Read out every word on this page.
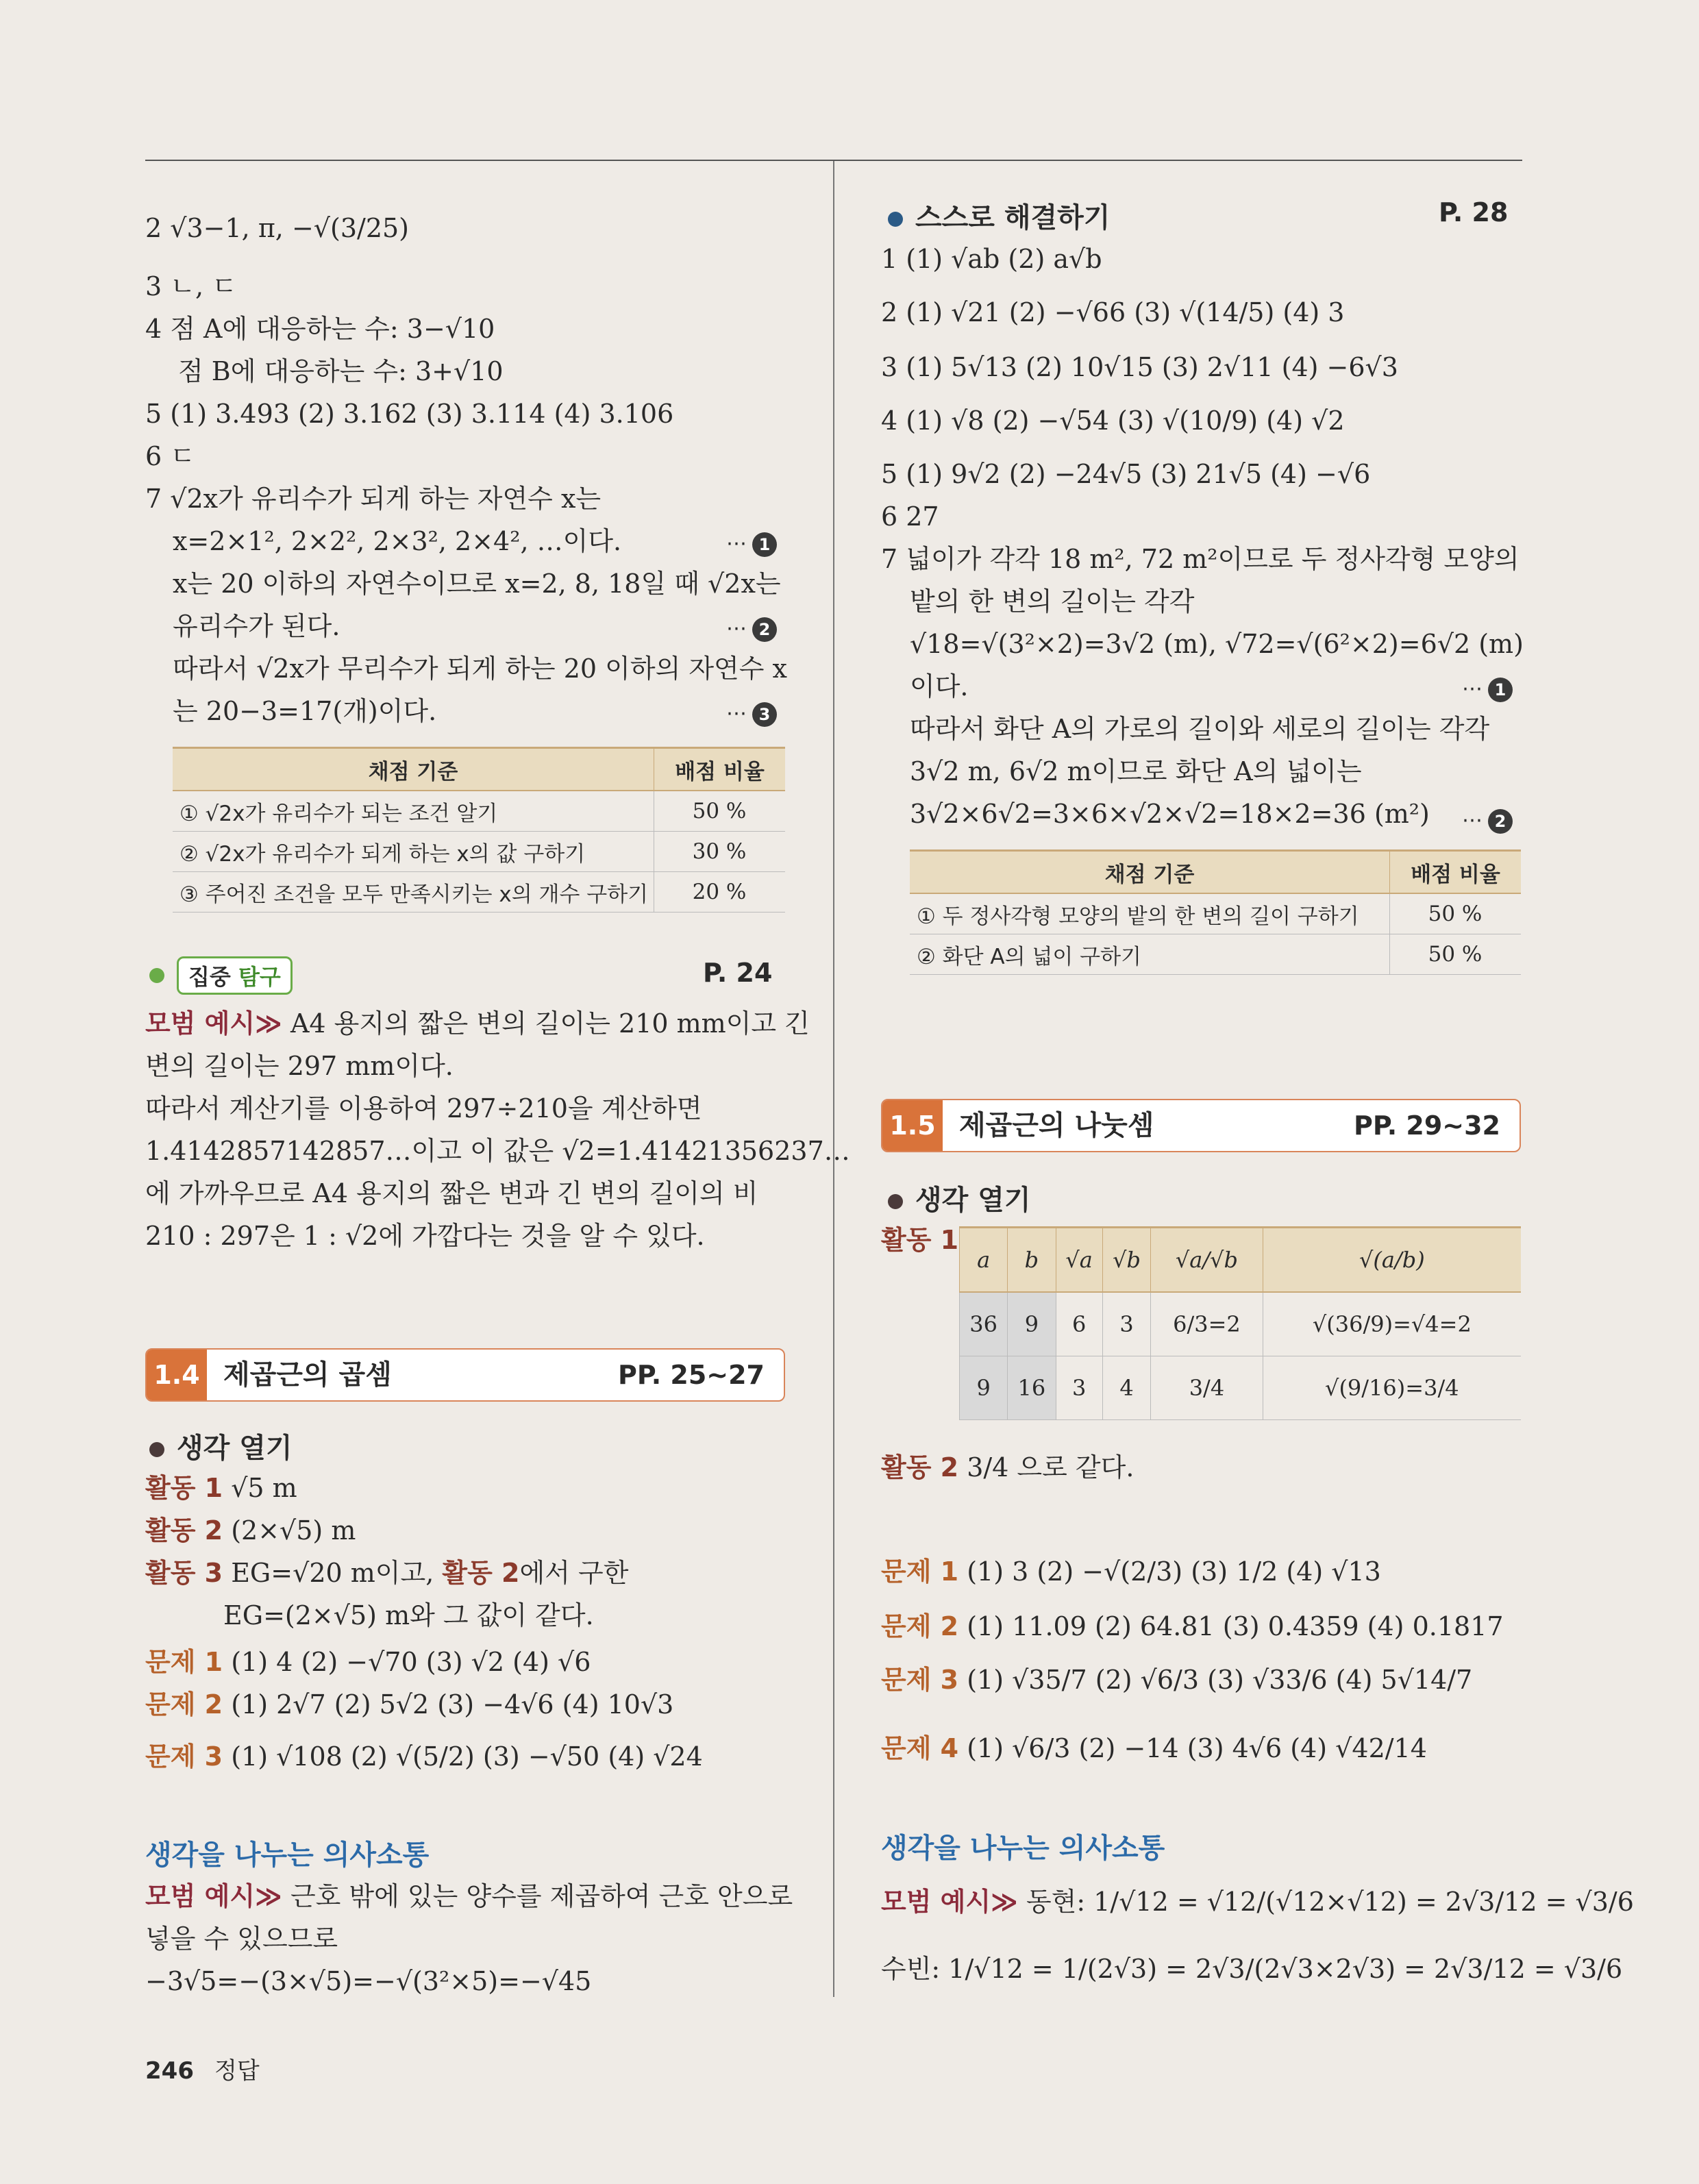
2 √3−1, π, −√(3/25)
3 ㄴ, ㄷ
4 점 A에 대응하는 수: 3−√10
점 B에 대응하는 수: 3+√10
5 (1) 3.493 (2) 3.162 (3) 3.114 (4) 3.106
6 ㄷ
7 √2x가 유리수가 되게 하는 자연수 x는
x=2×1², 2×2², 2×3², 2×4², …이다.	⋯ 1
x는 20 이하의 자연수이므로 x=2, 8, 18일 때 √2x는
유리수가 된다.	⋯ 2
따라서 √2x가 무리수가 되게 하는 20 이하의 자연수 x
는 20−3=17(개)이다.	⋯ 3
채점 기준	배점 비율
① √2x가 유리수가 되는 조건 알기	50 %
② √2x가 유리수가 되게 하는 x의 값 구하기	30 %
③ 주어진 조건을 모두 만족시키는 x의 개수 구하기	20 %
집중 탐구	P. 24
모범 예시≫ A4 용지의 짧은 변의 길이는 210 mm이고 긴
변의 길이는 297 mm이다.
따라서 계산기를 이용하여 297÷210을 계산하면
1.4142857142857…이고 이 값은 √2=1.41421356237…
에 가까우므로 A4 용지의 짧은 변과 긴 변의 길이의 비
210 : 297은 1 : √2에 가깝다는 것을 알 수 있다.
1.4 제곱근의 곱셈	PP. 25~27
생각 열기
활동 1 √5 m
활동 2 (2×√5) m
활동 3 EG=√20 m이고, 활동 2에서 구한
EG=(2×√5) m와 그 값이 같다.
문제 1 (1) 4 (2) −√70 (3) √2 (4) √6
문제 2 (1) 2√7 (2) 5√2 (3) −4√6 (4) 10√3
문제 3 (1) √108 (2) √(5/2) (3) −√50 (4) √24
생각을 나누는 의사소통
모범 예시≫ 근호 밖에 있는 양수를 제곱하여 근호 안으로
넣을 수 있으므로
−3√5=−(3×√5)=−√(3²×5)=−√45
스스로 해결하기	P. 28
1 (1) √ab (2) a√b
2 (1) √21 (2) −√66 (3) √(14/5) (4) 3
3 (1) 5√13 (2) 10√15 (3) 2√11 (4) −6√3
4 (1) √8 (2) −√54 (3) √(10/9) (4) √2
5 (1) 9√2 (2) −24√5 (3) 21√5 (4) −√6
6 27
7 넓이가 각각 18 m², 72 m²이므로 두 정사각형 모양의
밭의 한 변의 길이는 각각
√18=√(3²×2)=3√2 (m), √72=√(6²×2)=6√2 (m)
이다.	⋯ 1
따라서 화단 A의 가로의 길이와 세로의 길이는 각각
3√2 m, 6√2 m이므로 화단 A의 넓이는
3√2×6√2=3×6×√2×√2=18×2=36 (m²) ⋯ 2
채점 기준	배점 비율
① 두 정사각형 모양의 밭의 한 변의 길이 구하기	50 %
② 화단 A의 넓이 구하기	50 %
1.5 제곱근의 나눗셈	PP. 29~32
생각 열기
활동 1
a	b	√a	√b	√a/√b	√(a/b)
36	9	6	3	6/3=2	√(36/9)=√4=2
9	16	3	4	3/4	√(9/16)=3/4
활동 2 3/4 으로 같다.
문제 1 (1) 3 (2) −√(2/3) (3) 1/2 (4) √13
문제 2 (1) 11.09 (2) 64.81 (3) 0.4359 (4) 0.1817
문제 3 (1) √35/7 (2) √6/3 (3) √33/6 (4) 5√14/7
문제 4 (1) √6/3 (2) −14 (3) 4√6 (4) √42/14
생각을 나누는 의사소통
모범 예시≫ 동현: 1/√12 = √12/(√12×√12) = 2√3/12 = √3/6
수빈: 1/√12 = 1/(2√3) = 2√3/(2√3×2√3) = 2√3/12 = √3/6
246 정답
